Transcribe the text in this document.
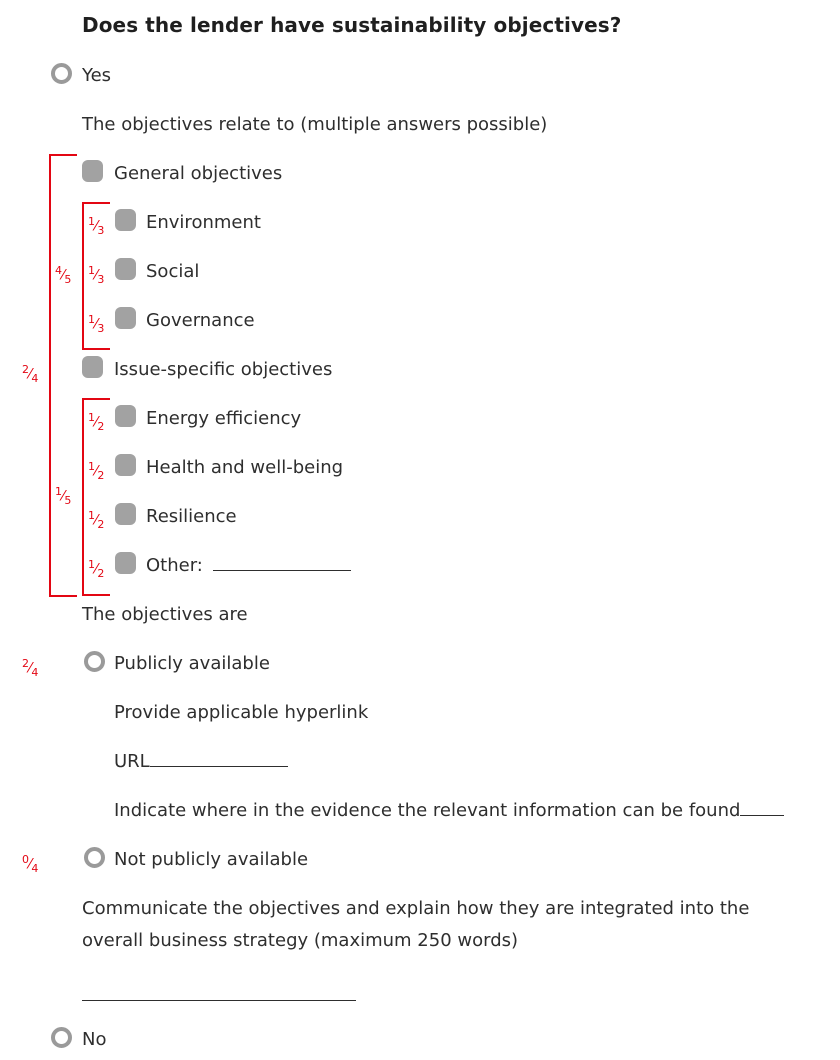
Does the lender have sustainability objectives?
Yes
The objectives relate to (multiple answers possible)
$^2⁄_4$
General objectives
$^4⁄_5$
$^1⁄_3$ Environment
$^1⁄_3$ Social
$^1⁄_3$ Governance
Issue-specific objectives
$^1⁄_5$
$^1⁄_2$ Energy efficiency
$^1⁄_2$ Health and well-being
$^1⁄_2$ Resilience
$^1⁄_2$ Other:
The objectives are
$^2⁄_4$	Publicly available
Provide applicable hyperlink
URL
Indicate where in the evidence the relevant information can be found
$^0⁄_4$	Not publicly available
Communicate the objectives and explain how they are integrated into the
overall business strategy (maximum 250 words)
No
